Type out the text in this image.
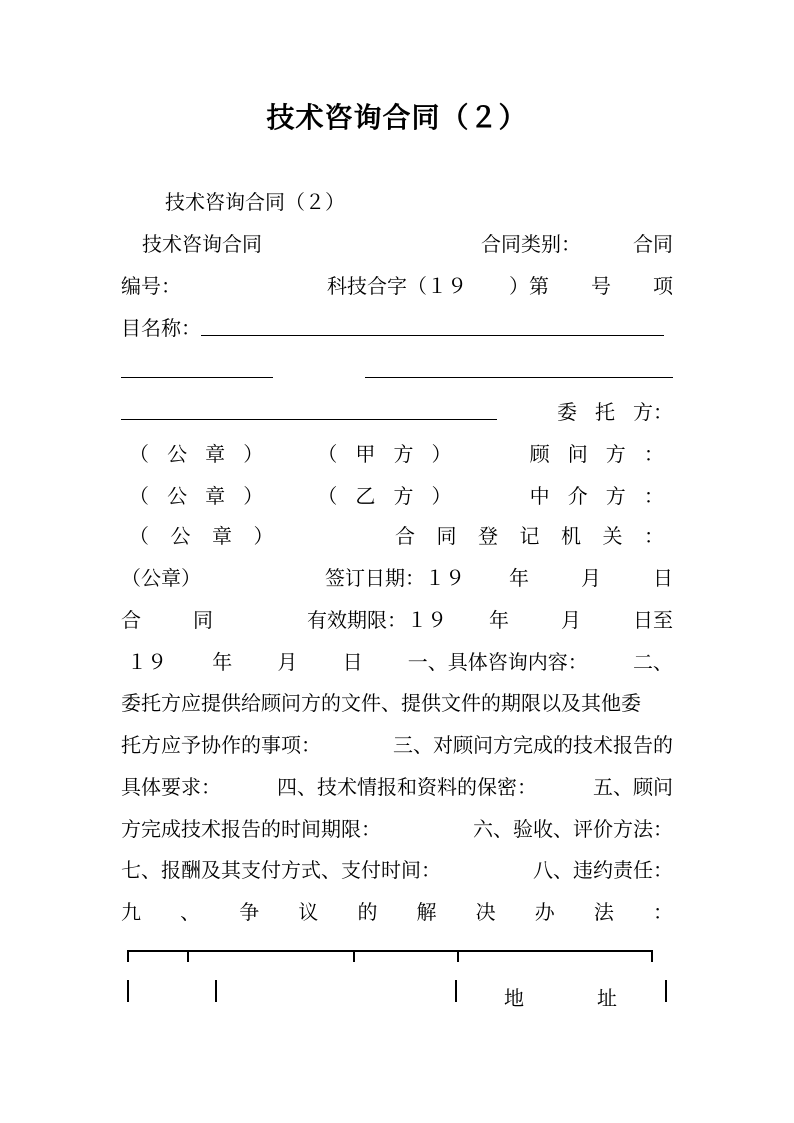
技术咨询合同（２）
技术咨询合同（２）
技术咨询合同	合同类别：	合同
编号：	科技合字（１９ ）第 号 项
目名称：
委 托 方：
（ 公 章 ）	（ 甲 方 ）	顾 问 方 ：
（ 公 章 ）	（ 乙 方 ）	中 介 方 ：
（ 公 章 ）	合 同 登 记 机 关 ：
（公章）	签订日期：１９ 年	月	日
合	同	有效期限：１９ 年	月	日至
１９ 年 月 日 一、具体咨询内容： 二、
委托方应提供给顾问方的文件、提供文件的期限以及其他委
托方应予协作的事项：	三、对顾问方完成的技术报告的
具体要求：	四、技术情报和资料的保密：	五、顾问
方完成技术报告的时间期限：	六、验收、评价方法：
七、报酬及其支付方式、支付时间：	八、违约责任：
九 、 争 议 的 解 决 办 法 ：
地	址
